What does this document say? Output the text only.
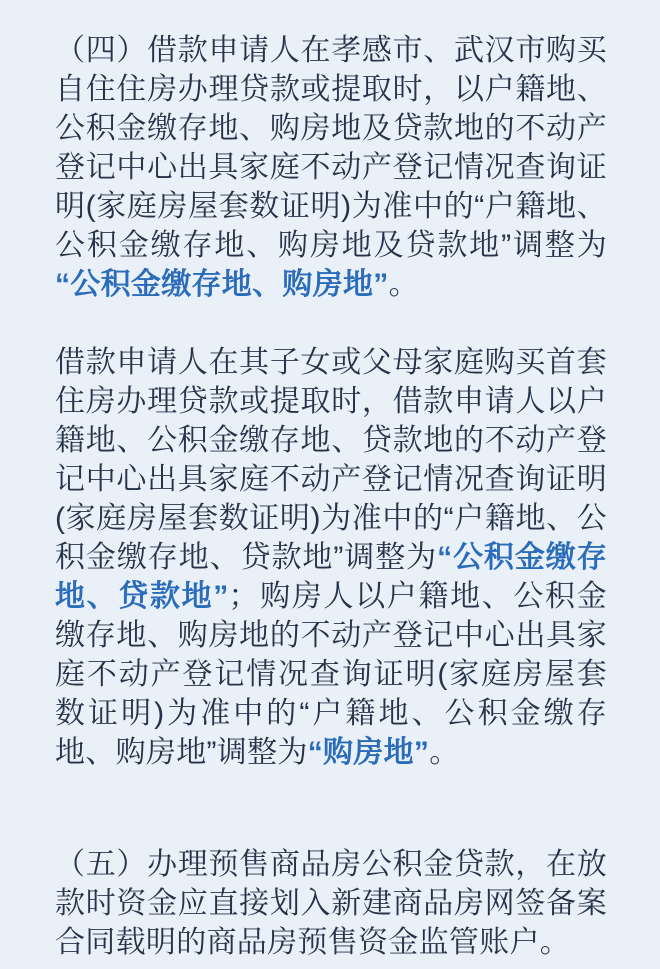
（四）借款申请人在孝感市、武汉市购买自住住房办理贷款或提取时，以户籍地、公积金缴存地、购房地及贷款地的不动产登记中心出具家庭不动产登记情况查询证明(家庭房屋套数证明)为准中的“户籍地、公积金缴存地、购房地及贷款地”调整为“公积金缴存地、购房地”。

借款申请人在其子女或父母家庭购买首套住房办理贷款或提取时，借款申请人以户籍地、公积金缴存地、贷款地的不动产登记中心出具家庭不动产登记情况查询证明(家庭房屋套数证明)为准中的“户籍地、公积金缴存地、贷款地”调整为“公积金缴存地、贷款地”；购房人以户籍地、公积金缴存地、购房地的不动产登记中心出具家庭不动产登记情况查询证明(家庭房屋套数证明)为准中的“户籍地、公积金缴存地、购房地”调整为“购房地”。

（五）办理预售商品房公积金贷款，在放款时资金应直接划入新建商品房网签备案合同载明的商品房预售资金监管账户。
